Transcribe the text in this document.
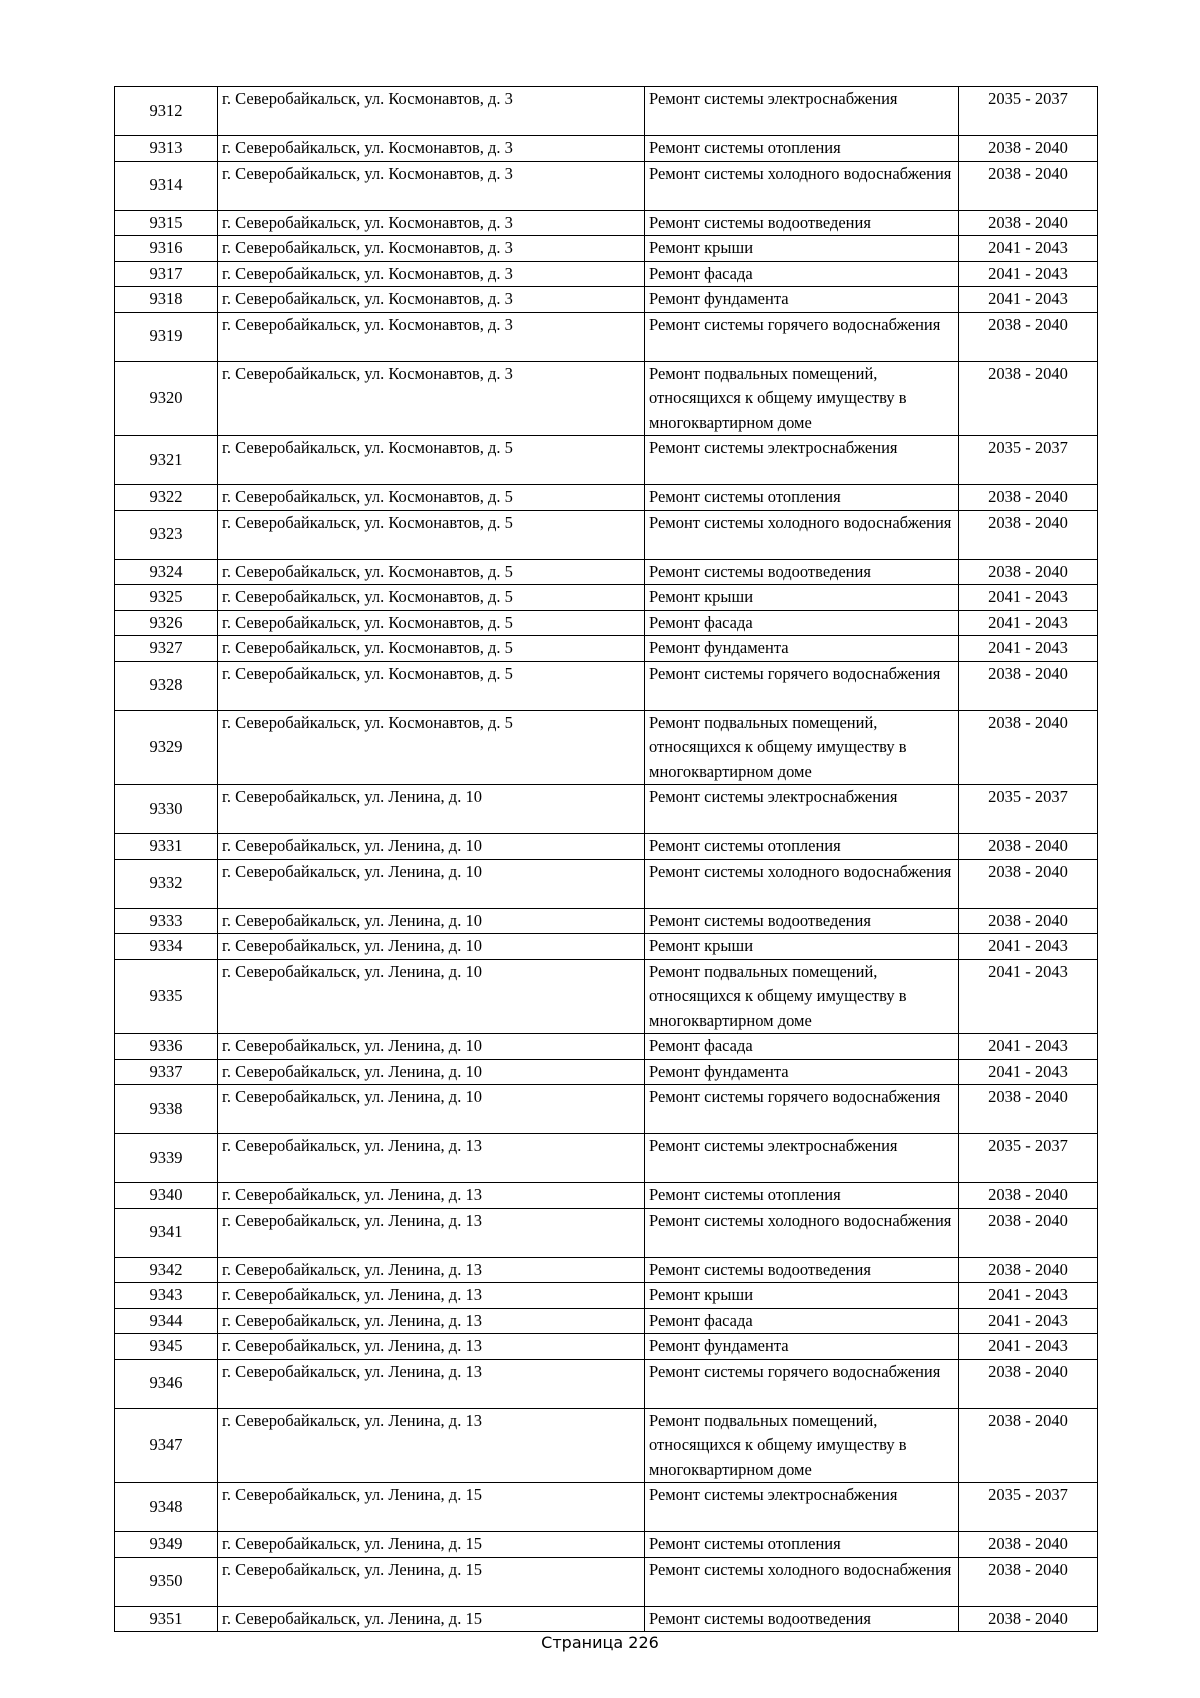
9312	г. Северобайкальск, ул. Космонавтов, д. 3	Ремонт системы электроснабжения	2035 - 2037
9313	г. Северобайкальск, ул. Космонавтов, д. 3	Ремонт системы отопления	2038 - 2040
9314	г. Северобайкальск, ул. Космонавтов, д. 3	Ремонт системы холодного водоснабжения	2038 - 2040
9315	г. Северобайкальск, ул. Космонавтов, д. 3	Ремонт системы водоотведения	2038 - 2040
9316	г. Северобайкальск, ул. Космонавтов, д. 3	Ремонт крыши	2041 - 2043
9317	г. Северобайкальск, ул. Космонавтов, д. 3	Ремонт фасада	2041 - 2043
9318	г. Северобайкальск, ул. Космонавтов, д. 3	Ремонт фундамента	2041 - 2043
9319	г. Северобайкальск, ул. Космонавтов, д. 3	Ремонт системы горячего водоснабжения	2038 - 2040
9320	г. Северобайкальск, ул. Космонавтов, д. 3	Ремонт подвальных помещений, относящихся к общему имуществу в многоквартирном доме	2038 - 2040
9321	г. Северобайкальск, ул. Космонавтов, д. 5	Ремонт системы электроснабжения	2035 - 2037
9322	г. Северобайкальск, ул. Космонавтов, д. 5	Ремонт системы отопления	2038 - 2040
9323	г. Северобайкальск, ул. Космонавтов, д. 5	Ремонт системы холодного водоснабжения	2038 - 2040
9324	г. Северобайкальск, ул. Космонавтов, д. 5	Ремонт системы водоотведения	2038 - 2040
9325	г. Северобайкальск, ул. Космонавтов, д. 5	Ремонт крыши	2041 - 2043
9326	г. Северобайкальск, ул. Космонавтов, д. 5	Ремонт фасада	2041 - 2043
9327	г. Северобайкальск, ул. Космонавтов, д. 5	Ремонт фундамента	2041 - 2043
9328	г. Северобайкальск, ул. Космонавтов, д. 5	Ремонт системы горячего водоснабжения	2038 - 2040
9329	г. Северобайкальск, ул. Космонавтов, д. 5	Ремонт подвальных помещений, относящихся к общему имуществу в многоквартирном доме	2038 - 2040
9330	г. Северобайкальск, ул. Ленина, д. 10	Ремонт системы электроснабжения	2035 - 2037
9331	г. Северобайкальск, ул. Ленина, д. 10	Ремонт системы отопления	2038 - 2040
9332	г. Северобайкальск, ул. Ленина, д. 10	Ремонт системы холодного водоснабжения	2038 - 2040
9333	г. Северобайкальск, ул. Ленина, д. 10	Ремонт системы водоотведения	2038 - 2040
9334	г. Северобайкальск, ул. Ленина, д. 10	Ремонт крыши	2041 - 2043
9335	г. Северобайкальск, ул. Ленина, д. 10	Ремонт подвальных помещений, относящихся к общему имуществу в многоквартирном доме	2041 - 2043
9336	г. Северобайкальск, ул. Ленина, д. 10	Ремонт фасада	2041 - 2043
9337	г. Северобайкальск, ул. Ленина, д. 10	Ремонт фундамента	2041 - 2043
9338	г. Северобайкальск, ул. Ленина, д. 10	Ремонт системы горячего водоснабжения	2038 - 2040
9339	г. Северобайкальск, ул. Ленина, д. 13	Ремонт системы электроснабжения	2035 - 2037
9340	г. Северобайкальск, ул. Ленина, д. 13	Ремонт системы отопления	2038 - 2040
9341	г. Северобайкальск, ул. Ленина, д. 13	Ремонт системы холодного водоснабжения	2038 - 2040
9342	г. Северобайкальск, ул. Ленина, д. 13	Ремонт системы водоотведения	2038 - 2040
9343	г. Северобайкальск, ул. Ленина, д. 13	Ремонт крыши	2041 - 2043
9344	г. Северобайкальск, ул. Ленина, д. 13	Ремонт фасада	2041 - 2043
9345	г. Северобайкальск, ул. Ленина, д. 13	Ремонт фундамента	2041 - 2043
9346	г. Северобайкальск, ул. Ленина, д. 13	Ремонт системы горячего водоснабжения	2038 - 2040
9347	г. Северобайкальск, ул. Ленина, д. 13	Ремонт подвальных помещений, относящихся к общему имуществу в многоквартирном доме	2038 - 2040
9348	г. Северобайкальск, ул. Ленина, д. 15	Ремонт системы электроснабжения	2035 - 2037
9349	г. Северобайкальск, ул. Ленина, д. 15	Ремонт системы отопления	2038 - 2040
9350	г. Северобайкальск, ул. Ленина, д. 15	Ремонт системы холодного водоснабжения	2038 - 2040
9351	г. Северобайкальск, ул. Ленина, д. 15	Ремонт системы водоотведения	2038 - 2040
Страница 226
